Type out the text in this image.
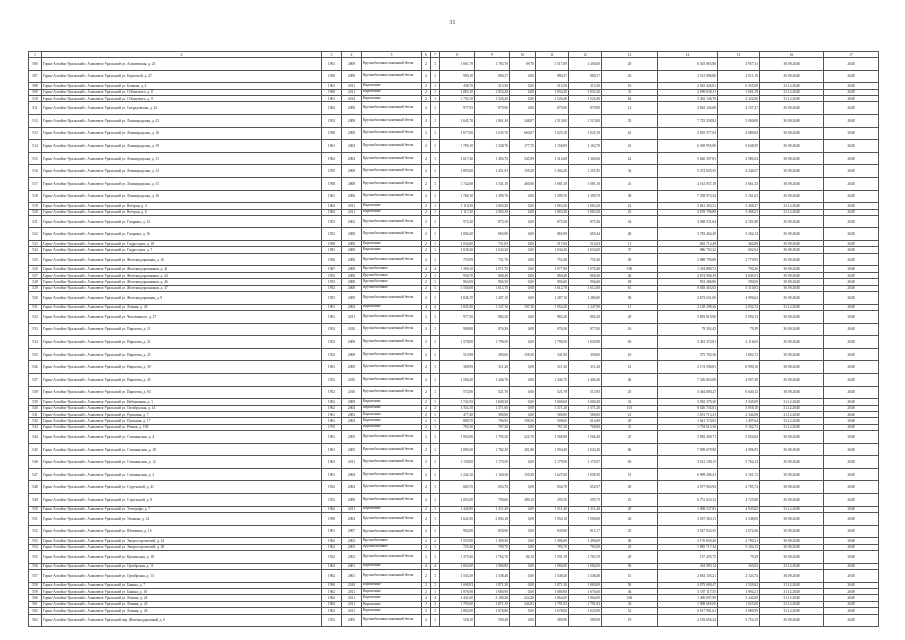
31
1	2	3	4	5	6	7	8	9	10	11	12	13	14	15	16	17
506	Горно-Алтайск-Уральский г. Алапаевск-Уральский ул. Алапаевская, д. 23	1961	2009	Крупноблочные каменный бетон	2	1	1 661,70	1 783,70	69,70	1 517,00	1 456,00	20	6 563 865,80	4 957,31	30.09.2048	2048
507	Горно-Алтайск-Уральский г. Алапаевск-Уральский ул. Береговой, д. 27	1958	2009	Крупноблочные каменный бетон	2	1	900,10	880,37	0,00	880,37	880,37	43	3 531 896,86	4 011,19	30.09.2048	2048
508	Горно-Алтайск-Уральский г. Алапаевск-Уральский ул. Бочкова, д. 4	1961	2011	Кирпичные	2	1	438,70	315,50	0,00	315,50	315,50	16	2 025 445,81	6 355,08	31.12.2048	2048
509	Горно-Алтайск-Уральский г. Алапаевск-Уральский ул. О.Кошевого, д. 8	1960	2011	Кирпичные	2	1	1 865,10	1 054,20	0,00	1 054,20	1 054,20	31	2 699 030,11	1 601,19	31.12.2048	2048
510	Горно-Алтайск-Уральский г. Алапаевск-Уральский ул. О.Кошевого, д. 9	1961	2014	Кирпичные	2	1	1 730,10	1 526,40	0,00	1 526,40	1 526,40	64	3 402 146,70	2 222,00	31.12.2048	2048
511	Горно-Алтайск-Уральский г. Алапаевск-Уральский ул. Свердловская, д. 32	1962	2008	Крупноблочные каменный бетон	2	1	977,93	879,90	0,00	879,90	879,90	12	4 063 104,68	4 157,47	30.09.2048	2048
512	Горно-Алтайск-Уральский г. Алапаевск-Уральский ул. Ленинградская, д. 23	1952	2008	Крупноблочные каменный бетон	2	1	1 641,70	1 861,10	348,07	1 513,00	1 513,00	35	7 725 258,82	5 000,00	30.09.2048	2048
513	Горно-Алтайск-Уральский г. Алапаевск-Уральский ул. Ленинградская, д. 16	1958	2008	Крупноблочные каменный бетон	2	1	1 677,00	1 635,70	660,67	1 025,10	1 025,10	41	2 835 377,04	4 080,04	30.09.2048	2048
514	Горно-Алтайск-Уральский г. Алапаевск-Уральский ул. Ленинградская, д. 19	1961	2004	Крупноблочные каменный бетон	2	1	1 789,10	1 338,70	177,70	1 158,00	1 163,70	41	6 569 955,90	5 648,59	30.09.2048	2048
515	Горно-Алтайск-Уральский г. Алапаевск-Уральский ул. Ленинградская, д. 11	1962	2004	Крупноблочные каменный бетон	2	1	1 617,40	1 494,70	545,99	1 314,60	1 360,60	22	5 646 397,81	2 984,54	30.09.2048	2048
516	Горно-Алтайск-Уральский г. Алапаевск-Уральский ул. Ленинградская, д. 12	1955	2008	Крупноблочные каменный бетон	2	1	1 895,00	1 451,53	159,20	1 494,20	1 251,95	34	5 474 605,35	4 246,57	30.09.2048	2048
517	Горно-Алтайск-Уральский г. Алапаевск-Уральский ул. Ленинградская, д. 15	1958	2008	Крупноблочные каменный бетон	2	1	1 742,60	1 341,10	460,00	1 081,10	1 081,10	41	4 161 057,19	3 661,33	30.09.2048	2048
518	Горно-Алтайск-Уральский г. Алапаевск-Уральский ул. Ленинградская, д. 16	1961	2006	Крупноблочные каменный бетон	2	1	1 768,10	1 399,70	0,00	1 399,70	1 399,70	38	7 358 973,34	5 161,63	30.09.2048	2048
519	Горно-Алтайск-Уральский г. Алапаевск-Уральский ул. Ветеран, д. 4	1962	2011	Кирпичные	2	1	1 118,50	1 063,20	0,00	1 063,20	1 063,20	22	5 841 203,21	5 408,27	31.12.2048	2048
520	Горно-Алтайск-Уральский г. Алапаевск-Уральский ул. Ветеран, д. 6	1962	2011	Кирпичные	2	1	1 117,20	1 063,30	0,00	1 063,30	1 063,30	25	4 678 796,88	5 408,21	31.12.2048	2048
521	Горно-Алтайск-Уральский г. Алапаевск-Уральский ул. Гагарина, д. 12	1953	2002	Крупноблочные каменный бетон	2	1	972,20	875,30	0,00	875,30	875,30	44	4 068 531,64	4 181,88	30.09.2048	2048
522	Горно-Алтайск-Уральский г. Алапаевск-Уральский ул. Гагарина, д. 16	1952	2008	Крупноблочные каменный бетон	2	1	1 006,20	865,90	0,00	865,90	605,44	40	3 783 464,49	3 362,14	30.09.2048	2048
523	Горно-Алтайск-Уральский г. Алапаевск-Уральский ул. Гидрострои, д. 18	1958	2009	Кирпичные	2	1	1 032,60	751,05	0,00	517,60	512,63	11	682 714,48	464,88	30.09.2048	2048
524	Горно-Алтайск-Уральский г. Алапаевск-Уральский ул. Гидрострои, д. 7	1981	2008	Кирпичные	2	1	1 038,40	1 634,20	0,00	1 634,20	1 634,00	37	986 703,22	602,04	30.09.2048	2048
525	Горно-Алтайск-Уральский г. Алапаевск-Уральский ул. Железнодорожная, д. 16	1956	2008	Крупноблочные каменный бетон	2	1	753,99	751,70	0,00	752,40	752,40	49	3 988 790,88	2 779,95	30.09.2048	2048
526	Горно-Алтайск-Уральский г. Алапаевск-Уральский ул. Железнодорожников, д. 41	1967	2008	Крупноблочные	4	4	1 390,10	1 071,70	0,00	1 077,90	1 070,40	100	1 354 880,73	790,26	30.09.2048	2048
527	Горно-Алтайск-Уральский г. Алапаевск-Уральский ул. Железнодорожников, д. 44	1952	2008	Крупноблочные	2	1	958,70	868,40	0,00	868,40	868,40	46	4 074 906,39	4 049,51	30.09.2048	2048
528	Горно-Алтайск-Уральский г. Алапаевск-Уральский ул. Железнодорожников, д. 46	1953	2008	Крупноблочные	2	1	963,00	904,50	0,00	904,60	904,60	49	933 286,86	590,60	30.09.2048	2048
529	Горно-Алтайск-Уральский г. Алапаевск-Уральский ул. Железнодорожников, д. 47	1953	2008	Крупноблочные	2	1	1 556,00	1 612,70	0,00	1 612,70	1 612,00	61	8 038 463,65	5 310,81	30.09.2048	2048
530	Горно-Алтайск-Уральский г. Алапаевск-Уральский ул. Железнодорожная, д. 9	1953	2009	Крупноблочные каменный бетон	2	1	1 846,70	1 287,10	0,00	1 287,10	1 286,80	38	2 673 631,00	4 996,62	30.09.2048	2048
531	Горно-Алтайск-Уральский г. Алапаевск-Уральский ул. Ленина, д. 26	1961	2004	Кирпичные	4	4	1 845,50	1 147,10	197,30	1 954,20	1 247,90	11	2 148 298,26	2 034,74	31.12.2048	2048
532	Горно-Алтайск-Уральский г. Алапаевск-Уральский ул. Чиловичного, д. 27	1961	2011	Крупноблочные каменный бетон	2	1	977,50	882,20	0,00	882,20	882,20	29	3 893 810,90	5 094,13	30.09.2048	2048
533	Горно-Алтайск-Уральский г. Алапаевск-Уральский ул. Пирогова, д. 11	1952	2010	Крупноблочные каменный бетон	2	1	988,80	876,50	0,00	876,50	877,00	16	79 392,45	79,39	30.09.2048	2048
534	Горно-Алтайск-Уральский г. Алапаевск-Уральский ул. Пирогова, д. 21	1952	2009	Крупноблочные каменный бетон	2	1	1 578,00	1 790,50	0,00	1 790,50	1 830,90	65	3 401 374,81	4 116,63	30.09.2048	2048
535	Горно-Алтайск-Уральский г. Алапаевск-Уральский ул. Пирогова, д. 25	1952	2009	Крупноблочные каменный бетон	2	1	510,98	490,60	158,30	341,90	358,60	16	375 765,36	1 802,72	30.09.2048	2048
536	Горно-Алтайск-Уральский г. Алапаевск-Уральский ул. Пирогова, д. 39	1961	2009	Крупноблочные каменный бетон	2	1	368,99	311,20	0,00	311,20	311,20	21	2 174 590,81	6 990,10	30.09.2048	2048
537	Горно-Алтайск-Уральский г. Алапаевск-Уральский ул. Пирогова, д. 45	1952	2010	Крупноблочные каменный бетон	2	1	1 506,20	1 446,70	0,00	1 446,70	1 406,20	46	7 526 063,08	4 907,49	30.09.2048	2048
538	Горно-Алтайск-Уральский г. Алапаевск-Уральский ул. Пирогова, д. 65	1952	2010	Крупноблочные каменный бетон	2	1	572,80	521,70	0,00	521,70	512,95	25	3 464 000,27	6 640,13	30.09.2048	2048
539	Горно-Алтайск-Уральский г. Алапаевск-Уральский ул. Набережная, д. 1	1962	2009	Кирпичные	2	1	1 742,50	1 600,30	0,00	1 600,60	1 600,20	32	3 582 379,30	2 345,00	31.12.2048	2048
540	Горно-Алтайск-Уральский г. Алапаевск-Уральский ул. Октябрьская, д. 14	1962	2004	Кирпичные	2	2	1 354,10	1 371,60	0,00	1 371,20	1 371,20	101	8 026 745,81	5 858,10	31.12.2048	2048
541	Горно-Алтайск-Уральский г. Алапаевск-Уральский ул. Пушкина, д. 7	1961	2003	Кирпичные	2	1	477,40	580,00	0,00	580,00	580,00	21	1 651 713,41	2 344,08	31.12.2048	2048
542	Горно-Алтайск-Уральский г. Алапаевск-Уральский ул. Пушкина, д. 17	1961	2004	Кирпичные	2	1	808,70	706,95	198,50	508,00	614,60	29	1 641 374,05	1 497,64	31.12.2048	2048
543	Горно-Алтайск-Уральский г. Алапаевск-Уральский ул. Речная, д. 108	1970		Кирпичные	2	1	765,30	767,20	0,00	767,20	768,80	31	1 794 613,30	5 162,71	31.12.2048	2048
544	Горно-Алтайск-Уральский г. Алапаевск-Уральский ул. Степнинская, д. 4	1961	2005	Крупноблочные каменный бетон	2	1	1 954,90	1 795,20	225,70	1 566,90	1 566,20	25	3 982 200,71	5 654,84	30.09.2048	2048
545	Горно-Алтайск-Уральский г. Алапаевск-Уральский ул. Степнинская, д. 18	1961	2005	Крупноблочные каменный бетон	2	1	1 890,20	1 782,30	281,80	1 950,40	1 643,40	60	7 999 679,90	4 096,95	30.09.2048	2048
546	Горно-Алтайск-Уральский г. Алапаевск-Уральский ул. Степнинская, д. 12	1961	2011	Крупноблочные каменный бетон	2	1	1 158,00	1 179,50	0,00	1 179,50	1 179,57	65	3 612 149,15	5 764,13	30.09.2048	2048
547	Горно-Алтайск-Уральский г. Алапаевск-Уральский ул. Степнинская, д. 2	1961	2004	Крупноблочные каменный бетон	2	1	1 244,10	1 160,30	150,30	1 627,60	1 058,30	51	6 999 496,41	3 161,72	30.09.2048	2048
548	Горно-Алтайск-Уральский г. Алапаевск-Уральский ул. Стругнской, д. 41	1952	2004	Крупноблочные каменный бетон	2	1	683,70	654,70	0,00	654,70	652,97	20	4 077 963,94	4 785,72	30.09.2048	2048
549	Горно-Алтайск-Уральский г. Алапаевск-Уральский ул. Стругнской, д. 8	1952	2009	Крупноблочные каменный бетон	2	1	1 003,50	790,60	389,10	295,50	295,75	25	6 751 023,12	4 725,88	30.09.2048	2048
550	Горно-Алтайск-Уральский г. Алапаевск-Уральский ул. Телеграфа, д. 7	1962	2011	Кирпичные	2	1	1 440,90	1 311,40	0,00	1 311,40	1 311,40	29	1 008 537,83	4 945,02	31.12.2048	2048
551	Горно-Алтайск-Уральский г. Алапаевск-Уральский ул. Ушакова, д. 14	1958	2004	Крупноблочные каменный бетон	2	1	1 641,00	2 004,10	0,00	1 954,10	1 906,00	26	3 657 363,11	2 548,00	30.09.2048	2048
552	Горно-Алтайск-Уральский г. Алапаевск-Уральский ул. Шевченко, д. 14	1961	2007	Крупноблочные каменный бетон	2	1	992,00	830,90	0,00	830,90	815,17	25	3 547 943,35	1 674,56	30.09.2048	2048
553	Горно-Алтайск-Уральский г. Алапаевск-Уральский ул. Энергостроителей, д. 22	1962	2002	Крупноблочные	2	2	1 553,90	1 399,50	0,00	1 496,00	1 496,00	36	3 176 650,46	2 700,21	30.09.2048	2048
554	Горно-Алтайск-Уральский г. Алапаевск-Уральский ул. Энергостроителей, д. 28	1962	2003	Крупноблочные	2	1	725,40	769,70	0,00	785,70	785,00	23	1 885 717,34	5 104,15	30.09.2048	2048
555	Горно-Алтайск-Уральский г. Алапаевск-Уральский ул. Красинская, д. 18	1952	2002	Крупноблочные каменный бетон	2	1	1 379,40	1 762,70	84,10	1 591,10	1 765,70	29	137 405,75	79,39	30.09.2048	2048
556	Горно-Алтайск-Уральский г. Алапаевск-Уральский ул. Ортабрская, д. 11	1962	2001	Кирпичные	4	4	1 663,60	1 984,00	0,00	1 984,00	1 984,00	30	304 983,14	163,03	31.12.2048	2048
557	Горно-Алтайск-Уральский г. Алапаевск-Уральский ул. Ортабрская, д. 13	1962	2001	Крупноблочные каменный бетон	2	1	1 543,30	1 548,40	0,00	1 548,40	1 548,40	51	2 663 105,21	2 143,74	30.09.2048	2048
558	Горно-Алтайск-Уральский г. Алапаевск-Уральский ул. Бакина, д. 7	1990	2010	Кирпичные	2	1	1 698,83	1 871,30	0,00	1 871,30	1 880,00	50	4 079 080,47	1 539,65	31.12.2048	2048
559	Горно-Алтайск-Уральский г. Алапаевск-Уральский ул. Бакина, д. 18	1962	2011	Кирпичные	2	1	1 976,90	1 680,90	0,00	1 680,90	1 676,60	36	3 187 117,55	1 894,21	31.12.2048	2048
560	Горно-Алтайск-Уральский г. Алапаевск-Уральский ул. Ленина, д. 24	1962	2011	Кирпичные	4	4	1 441,60	2 188,20	224,20	1 864,00	1 864,00	106	1 400 697,99	5 244,00	31.12.2048	2048
561	Горно-Алтайск-Уральский г. Алапаевск-Уральский ул. Ленина, д. 26	1962	2011	Кирпичные	3	3	1 795,60	1 871,10	244,82	1 791,92	1 791,92	34	1 908 665,00	1 625,00	31.12.2048	2048
562	Горно-Алтайск-Уральский г. Алапаевск-Уральский ул. Ленина, д. 26	1962	2011	Кирпичные	3	3	1 883,00	1 678,00	0,00	1 678,00	1 643,00	52	6 617 901,61	3 880,99	31.12.2048	2048
563	Горно-Алтайск-Уральский г. Алапаевск-Уральский пер. Железнодорожный, д. 6	1952	2005	Крупноблочные каменный бетон	2	1	528,10	590,40	0,00	580,90	580,90	19	2 183 656,24	3 754,15	30.09.2048	2048
